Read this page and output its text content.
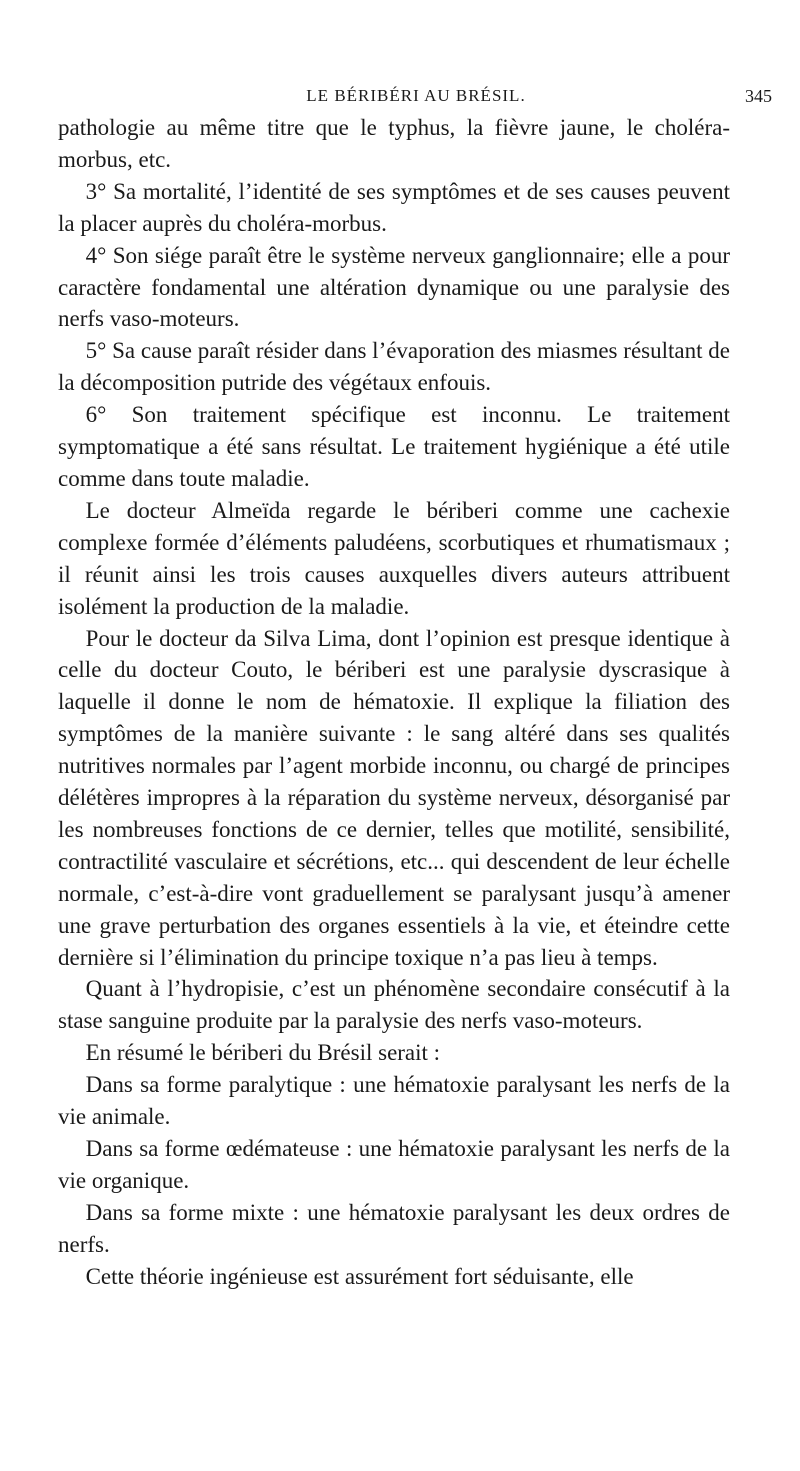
LE BÉRIBÉRI AU BRÉSIL.	345

pathologie au même titre que le typhus, la fièvre jaune, le choléra-morbus, etc.

3° Sa mortalité, l’identité de ses symptômes et de ses causes peuvent la placer auprès du choléra-morbus.

4° Son siége paraît être le système nerveux ganglionnaire; elle a pour caractère fondamental une altération dynamique ou une paralysie des nerfs vaso-moteurs.

5° Sa cause paraît résider dans l’évaporation des miasmes résultant de la décomposition putride des végétaux enfouis.

6° Son traitement spécifique est inconnu. Le traitement symptomatique a été sans résultat. Le traitement hygiénique a été utile comme dans toute maladie.

Le docteur Almeïda regarde le bériberi comme une cachexie complexe formée d’éléments paludéens, scorbutiques et rhumatismaux ; il réunit ainsi les trois causes auxquelles divers auteurs attribuent isolément la production de la maladie.

Pour le docteur da Silva Lima, dont l’opinion est presque identique à celle du docteur Couto, le bériberi est une paralysie dyscrasique à laquelle il donne le nom de hématoxie. Il explique la filiation des symptômes de la manière suivante : le sang altéré dans ses qualités nutritives normales par l’agent morbide inconnu, ou chargé de principes délétères impropres à la réparation du système nerveux, désorganisé par les nombreuses fonctions de ce dernier, telles que motilité, sensibilité, contractilité vasculaire et sécrétions, etc... qui descendent de leur échelle normale, c’est-à-dire vont graduellement se paralysant jusqu’à amener une grave perturbation des organes essentiels à la vie, et éteindre cette dernière si l’élimination du principe toxique n’a pas lieu à temps.

Quant à l’hydropisie, c’est un phénomène secondaire consécutif à la stase sanguine produite par la paralysie des nerfs vaso-moteurs.

En résumé le bériberi du Brésil serait :

Dans sa forme paralytique : une hématoxie paralysant les nerfs de la vie animale.

Dans sa forme œdémateuse : une hématoxie paralysant les nerfs de la vie organique.

Dans sa forme mixte : une hématoxie paralysant les deux ordres de nerfs.

Cette théorie ingénieuse est assurément fort séduisante, elle
